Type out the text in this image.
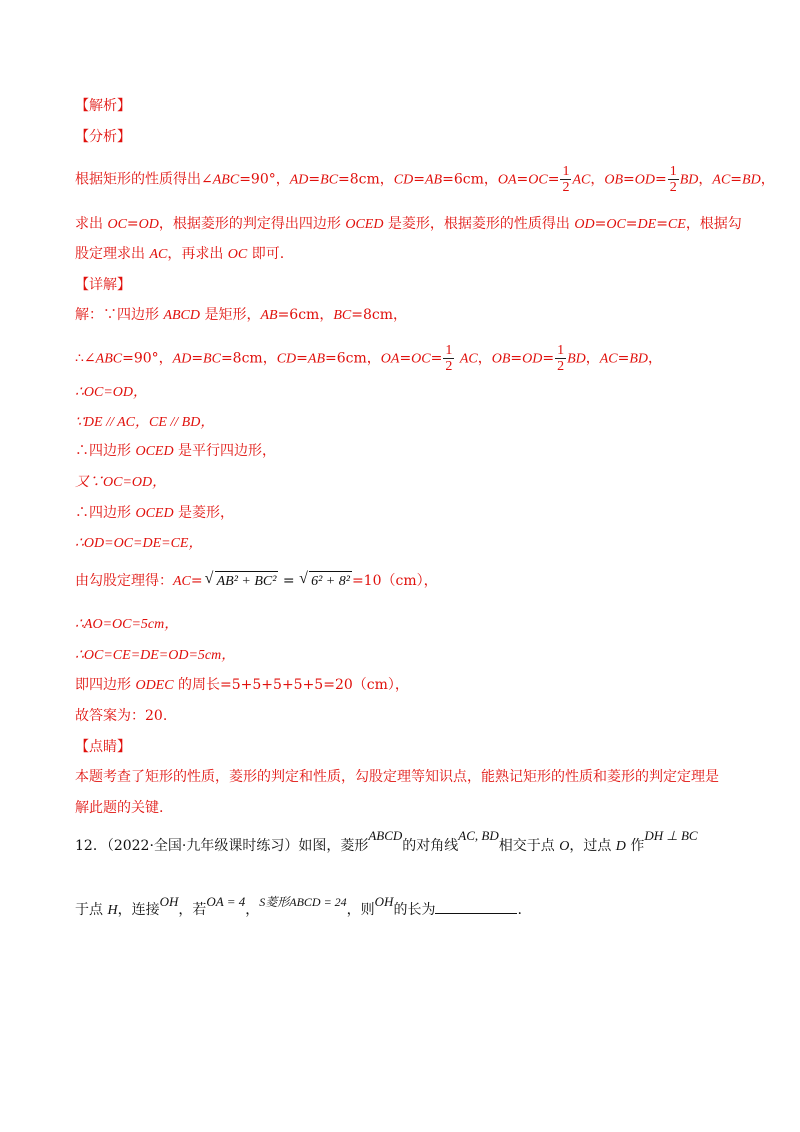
【解析】
【分析】
根据矩形的性质得出∠ABC=90°，AD=BC=8cm，CD=AB=6cm，$OA=OC= \frac{1}{2}$ AC，$OB=OD= \frac{1}{2}$ BD，AC=BD，
求出 OC=OD，根据菱形的判定得出四边形 OCED 是菱形，根据菱形的性质得出 OD=OC=DE=CE，根据勾
股定理求出 AC，再求出 OC 即可.
【详解】
解：∵四边形 ABCD 是矩形，AB=6cm，BC=8cm，
∴∠ABC=90°，AD=BC=8cm，CD=AB=6cm，$OA=OC= \frac{1}{2}$ AC，$OB=OD= \frac{1}{2}$ BD，AC=BD，
∴OC=OD，
∵DE // AC，CE // BD，
∴四边形 OCED 是平行四边形，
又∵OC=OD，
∴四边形 OCED 是菱形，
∴OD=OC=DE=CE，
由勾股定理得：AC=√ AB² + BC² = √ 6² + 8² =10（cm），
∴AO=OC=5cm，
∴OC=CE=DE=OD=5cm，
即四边形 ODEC 的周长=5+5+5+5+5=20（cm），
故答案为：20.
【点睛】
本题考查了矩形的性质，菱形的判定和性质，勾股定理等知识点，能熟记矩形的性质和菱形的判定定理是
解此题的关键.
12．（2022·全国·九年级课时练习）如图，菱形ABCD的对角线AC, BD相交于点 O，过点 D 作DH ⊥ BC
于点 H，连接OH，若OA = 4，S菱形ABCD = 24，则OH的长为	.
